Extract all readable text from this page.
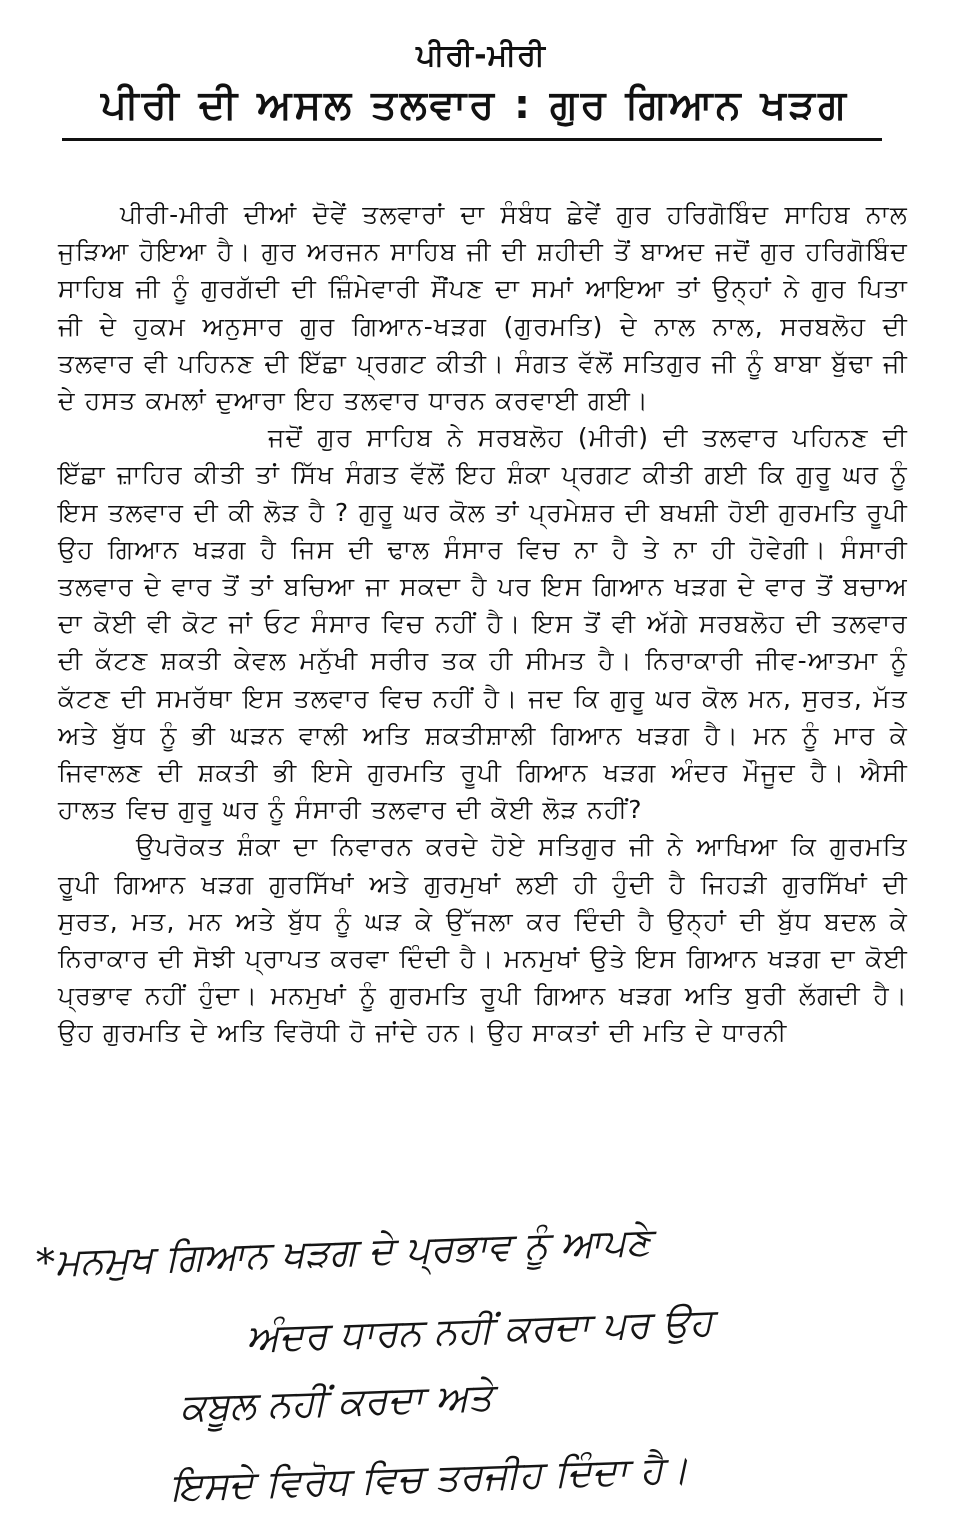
ਪੀਰੀ-ਮੀਰੀ
ਪੀਰੀ ਦੀ ਅਸਲ ਤਲਵਾਰ : ਗੁਰ ਗਿਆਨ ਖੜਗ

ਪੀਰੀ-ਮੀਰੀ ਦੀਆਂ ਦੋਵੇਂ ਤਲਵਾਰਾਂ ਦਾ ਸੰਬੰਧ ਛੇਵੇਂ ਗੁਰ ਹਰਿਗੋਬਿੰਦ ਸਾਹਿਬ ਨਾਲ ਜੁੜਿਆ ਹੋਇਆ ਹੈ। ਗੁਰ ਅਰਜਨ ਸਾਹਿਬ ਜੀ ਦੀ ਸ਼ਹੀਦੀ ਤੋਂ ਬਾਅਦ ਜਦੋਂ ਗੁਰ ਹਰਿਗੋਬਿੰਦ ਸਾਹਿਬ ਜੀ ਨੂੰ ਗੁਰਗੱਦੀ ਦੀ ਜ਼ਿੰਮੇਵਾਰੀ ਸੌਂਪਣ ਦਾ ਸਮਾਂ ਆਇਆ ਤਾਂ ਉਨ੍ਹਾਂ ਨੇ ਗੁਰ ਪਿਤਾ ਜੀ ਦੇ ਹੁਕਮ ਅਨੁਸਾਰ ਗੁਰ ਗਿਆਨ-ਖੜਗ (ਗੁਰਮਤਿ) ਦੇ ਨਾਲ ਨਾਲ, ਸਰਬਲੋਹ ਦੀ ਤਲਵਾਰ ਵੀ ਪਹਿਨਣ ਦੀ ਇੱਛਾ ਪ੍ਰਗਟ ਕੀਤੀ। ਸੰਗਤ ਵੱਲੋਂ ਸਤਿਗੁਰ ਜੀ ਨੂੰ ਬਾਬਾ ਬੁੱਢਾ ਜੀ ਦੇ ਹਸਤ ਕਮਲਾਂ ਦੁਆਰਾ ਇਹ ਤਲਵਾਰ ਧਾਰਨ ਕਰਵਾਈ ਗਈ।

ਜਦੋਂ ਗੁਰ ਸਾਹਿਬ ਨੇ ਸਰਬਲੋਹ (ਮੀਰੀ) ਦੀ ਤਲਵਾਰ ਪਹਿਨਣ ਦੀ ਇੱਛਾ ਜ਼ਾਹਿਰ ਕੀਤੀ ਤਾਂ ਸਿੱਖ ਸੰਗਤ ਵੱਲੋਂ ਇਹ ਸ਼ੰਕਾ ਪ੍ਰਗਟ ਕੀਤੀ ਗਈ ਕਿ ਗੁਰੂ ਘਰ ਨੂੰ ਇਸ ਤਲਵਾਰ ਦੀ ਕੀ ਲੋੜ ਹੈ ? ਗੁਰੂ ਘਰ ਕੋਲ ਤਾਂ ਪ੍ਰਮੇਸ਼ਰ ਦੀ ਬਖਸ਼ੀ ਹੋਈ ਗੁਰਮਤਿ ਰੂਪੀ ਉਹ ਗਿਆਨ ਖੜਗ ਹੈ ਜਿਸ ਦੀ ਢਾਲ ਸੰਸਾਰ ਵਿਚ ਨਾ ਹੈ ਤੇ ਨਾ ਹੀ ਹੋਵੇਗੀ। ਸੰਸਾਰੀ ਤਲਵਾਰ ਦੇ ਵਾਰ ਤੋਂ ਤਾਂ ਬਚਿਆ ਜਾ ਸਕਦਾ ਹੈ ਪਰ ਇਸ ਗਿਆਨ ਖੜਗ ਦੇ ਵਾਰ ਤੋਂ ਬਚਾਅ ਦਾ ਕੋਈ ਵੀ ਕੋਟ ਜਾਂ ਓਟ ਸੰਸਾਰ ਵਿਚ ਨਹੀਂ ਹੈ। ਇਸ ਤੋਂ ਵੀ ਅੱਗੇ ਸਰਬਲੋਹ ਦੀ ਤਲਵਾਰ ਦੀ ਕੱਟਣ ਸ਼ਕਤੀ ਕੇਵਲ ਮਨੁੱਖੀ ਸਰੀਰ ਤਕ ਹੀ ਸੀਮਤ ਹੈ। ਨਿਰਾਕਾਰੀ ਜੀਵ-ਆਤਮਾ ਨੂੰ ਕੱਟਣ ਦੀ ਸਮਰੱਥਾ ਇਸ ਤਲਵਾਰ ਵਿਚ ਨਹੀਂ ਹੈ। ਜਦ ਕਿ ਗੁਰੂ ਘਰ ਕੋਲ ਮਨ, ਸੁਰਤ, ਮੱਤ ਅਤੇ ਬੁੱਧ ਨੂੰ ਭੀ ਘੜਨ ਵਾਲੀ ਅਤਿ ਸ਼ਕਤੀਸ਼ਾਲੀ ਗਿਆਨ ਖੜਗ ਹੈ। ਮਨ ਨੂੰ ਮਾਰ ਕੇ ਜਿਵਾਲਣ ਦੀ ਸ਼ਕਤੀ ਭੀ ਇਸੇ ਗੁਰਮਤਿ ਰੂਪੀ ਗਿਆਨ ਖੜਗ ਅੰਦਰ ਮੌਜੂਦ ਹੈ। ਐਸੀ ਹਾਲਤ ਵਿਚ ਗੁਰੂ ਘਰ ਨੂੰ ਸੰਸਾਰੀ ਤਲਵਾਰ ਦੀ ਕੋਈ ਲੋੜ ਨਹੀਂ?

ਉਪਰੋਕਤ ਸ਼ੰਕਾ ਦਾ ਨਿਵਾਰਨ ਕਰਦੇ ਹੋਏ ਸਤਿਗੁਰ ਜੀ ਨੇ ਆਖਿਆ ਕਿ ਗੁਰਮਤਿ ਰੂਪੀ ਗਿਆਨ ਖੜਗ ਗੁਰਸਿੱਖਾਂ ਅਤੇ ਗੁਰਮੁਖਾਂ ਲਈ ਹੀ ਹੁੰਦੀ ਹੈ ਜਿਹੜੀ ਗੁਰਸਿੱਖਾਂ ਦੀ ਸੁਰਤ, ਮਤ, ਮਨ ਅਤੇ ਬੁੱਧ ਨੂੰ ਘੜ ਕੇ ਉੱਜਲਾ ਕਰ ਦਿੰਦੀ ਹੈ ਉਨ੍ਹਾਂ ਦੀ ਬੁੱਧ ਬਦਲ ਕੇ ਨਿਰਾਕਾਰ ਦੀ ਸੋਝੀ ਪ੍ਰਾਪਤ ਕਰਵਾ ਦਿੰਦੀ ਹੈ। ਮਨਮੁਖਾਂ ਉਤੇ ਇਸ ਗਿਆਨ ਖੜਗ ਦਾ ਕੋਈ ਪ੍ਰਭਾਵ ਨਹੀਂ ਹੁੰਦਾ। ਮਨਮੁਖਾਂ ਨੂੰ ਗੁਰਮਤਿ ਰੂਪੀ ਗਿਆਨ ਖੜਗ ਅਤਿ ਬੁਰੀ ਲੱਗਦੀ ਹੈ। ਉਹ ਗੁਰਮਤਿ ਦੇ ਅਤਿ ਵਿਰੋਧੀ ਹੋ ਜਾਂਦੇ ਹਨ। ਉਹ ਸਾਕਤਾਂ ਦੀ ਮਤਿ ਦੇ ਧਾਰਨੀ

*ਮਨਮੁਖ ਗਿਆਨ ਖੜਗ ਦੇ ਪ੍ਰਭਾਵ ਨੂੰ ਆਪਣੇ
ਅੰਦਰ ਧਾਰਨ ਨਹੀਂ ਕਰਦਾ ਪਰ ਉਹ
ਕਬੂਲ ਨਹੀਂ ਕਰਦਾ ਅਤੇ
ਇਸਦੇ ਵਿਰੋਧ ਵਿਚ ਤਰਜੀਹ ਦਿੰਦਾ ਹੈ।
